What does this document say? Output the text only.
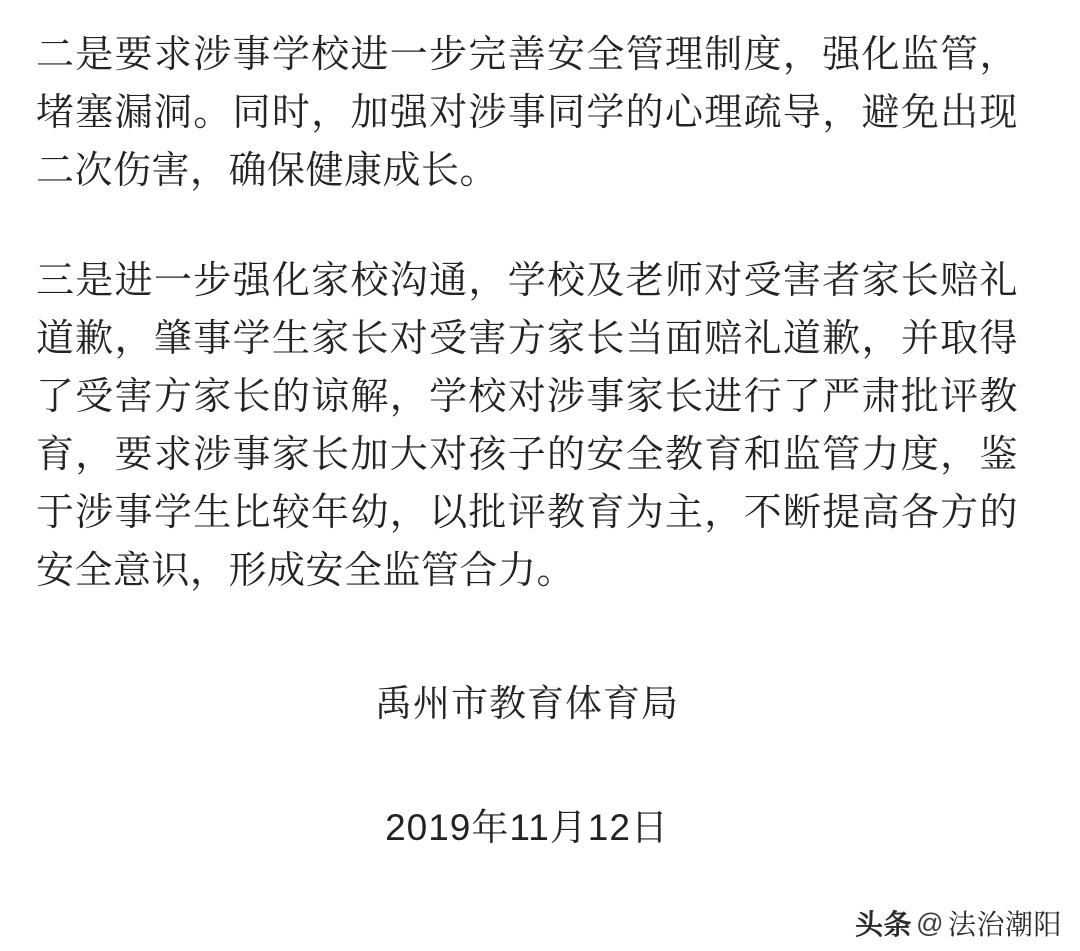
二是要求涉事学校进一步完善安全管理制度，强化监管，堵塞漏洞。同时，加强对涉事同学的心理疏导，避免出现二次伤害，确保健康成长。

三是进一步强化家校沟通，学校及老师对受害者家长赔礼道歉，肇事学生家长对受害方家长当面赔礼道歉，并取得了受害方家长的谅解，学校对涉事家长进行了严肃批评教育，要求涉事家长加大对孩子的安全教育和监管力度，鉴于涉事学生比较年幼，以批评教育为主，不断提高各方的安全意识，形成安全监管合力。

禹州市教育体育局
2019年11月12日
头条 @ 法治潮阳
